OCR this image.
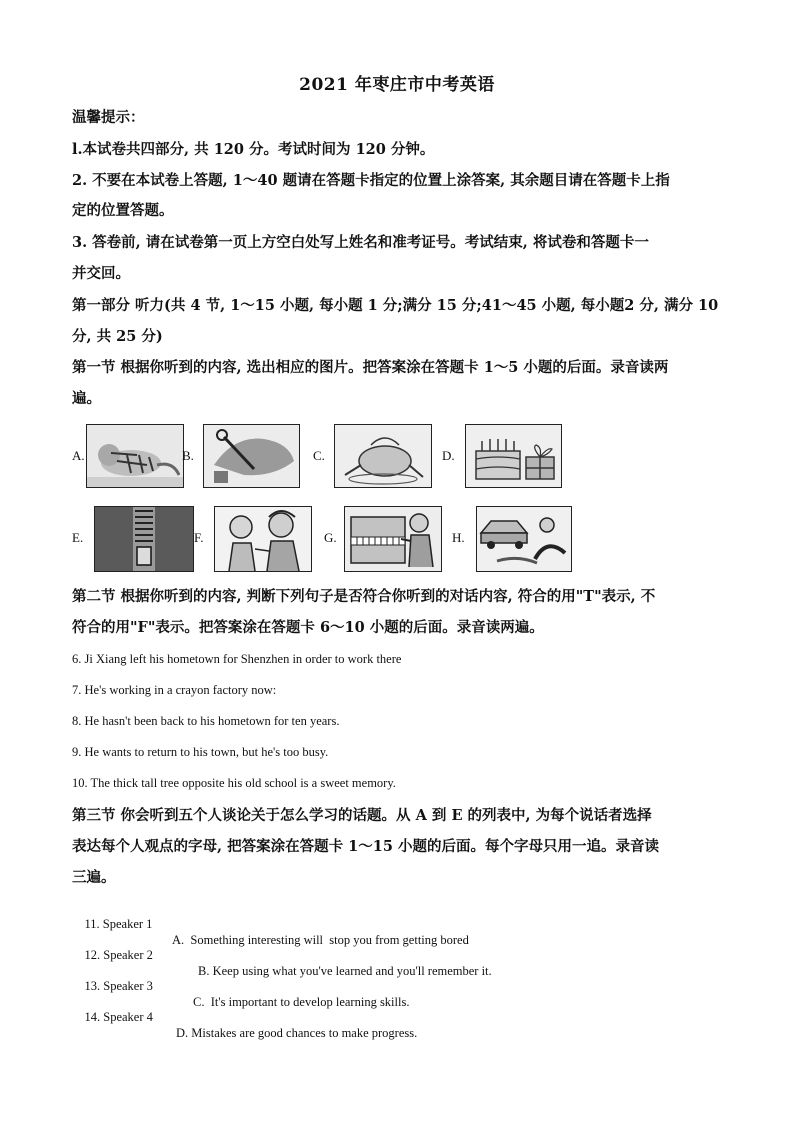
2021 年枣庄市中考英语
温馨提示：
l.本试卷共四部分, 共 120 分。考试时间为 120 分钟。
2. 不要在本试卷上答题, 1～40 题请在答题卡指定的位置上涂答案, 其余题目请在答题卡上指
定的位置答题。
3. 答卷前, 请在试卷第一页上方空白处写上姓名和准考证号。考试结束, 将试卷和答题卡一
并交回。
第一部分 听力(共 4 节, 1～15 小题, 每小题 1 分;满分 15 分;41～45 小题, 每小题2 分, 满分 10
分, 共 25 分)
第一节 根据你听到的内容, 选出相应的图片。把答案涂在答题卡 1～5 小题的后面。录音读两
遍。
A.	B.	C.	D.
E.	F.	G.	H.
第二节 根据你听到的内容, 判断下列句子是否符合你听到的对话内容, 符合的用"T"表示, 不
符合的用"F"表示。把答案涂在答题卡 6～10 小题的后面。录音读两遍。
6. Ji Xiang left his hometown for Shenzhen in order to work there
7. He's working in a crayon factory now:
8. He hasn't been back to his hometown for ten years.
9. He wants to return to his town, but he's too busy.
10. The thick tall tree opposite his old school is a sweet memory.
第三节 你会听到五个人谈论关于怎么学习的话题。从 A 到 E 的列表中, 为每个说话者选择
表达每个人观点的字母, 把答案涂在答题卡 1～15 小题的后面。每个字母只用一追。录音读
三遍。

11. Speaker 1

A.  Something interesting will  stop you from getting bored

12. Speaker 2

B. Keep using what you've learned and you'll remember it.

13. Speaker 3

C.  It's important to develop learning skills.

14. Speaker 4

D. Mistakes are good chances to make progress.
